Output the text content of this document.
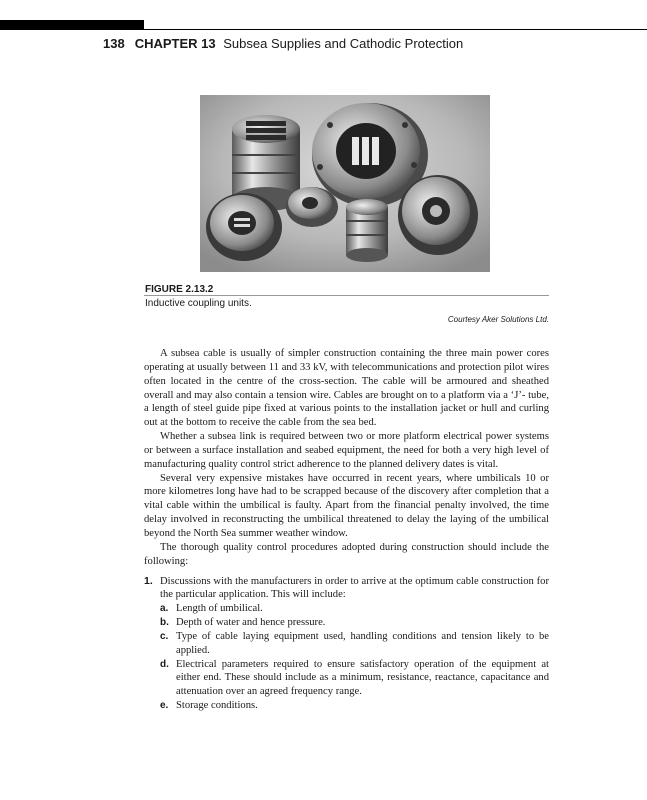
138 CHAPTER 13 Subsea Supplies and Cathodic Protection
FIGURE 2.13.2
Inductive coupling units.
Courtesy Aker Solutions Ltd.

A subsea cable is usually of simpler construction containing the three main power cores operating at usually between 11 and 33 kV, with telecommunications and protection pilot wires often located in the centre of the cross-section. The cable will be armoured and sheathed overall and may also contain a tension wire. Cables are brought on to a platform via a ‘J’- tube, a length of steel guide pipe fixed at various points to the installation jacket or hull and curling out at the bottom to receive the cable from the sea bed.

Whether a subsea link is required between two or more platform electrical power systems or between a surface installation and seabed equipment, the need for both a very high level of manufacturing quality control strict adherence to the planned delivery dates is vital.

Several very expensive mistakes have occurred in recent years, where umbilicals 10 or more kilometres long have had to be scrapped because of the discovery after completion that a vital cable within the umbilical is faulty. Apart from the financial penalty involved, the time delay involved in reconstructing the umbilical threatened to delay the laying of the umbilical beyond the North Sea summer weather window.

The thorough quality control procedures adopted during construction should include the following:

1. Discussions with the manufacturers in order to arrive at the optimum cable construction for the particular application. This will include:
a. Length of umbilical.
b. Depth of water and hence pressure.
c. Type of cable laying equipment used, handling conditions and tension likely to be applied.
d. Electrical parameters required to ensure satisfactory operation of the equipment at either end. These should include as a minimum, resistance, reactance, capacitance and attenuation over an agreed frequency range.
e. Storage conditions.
